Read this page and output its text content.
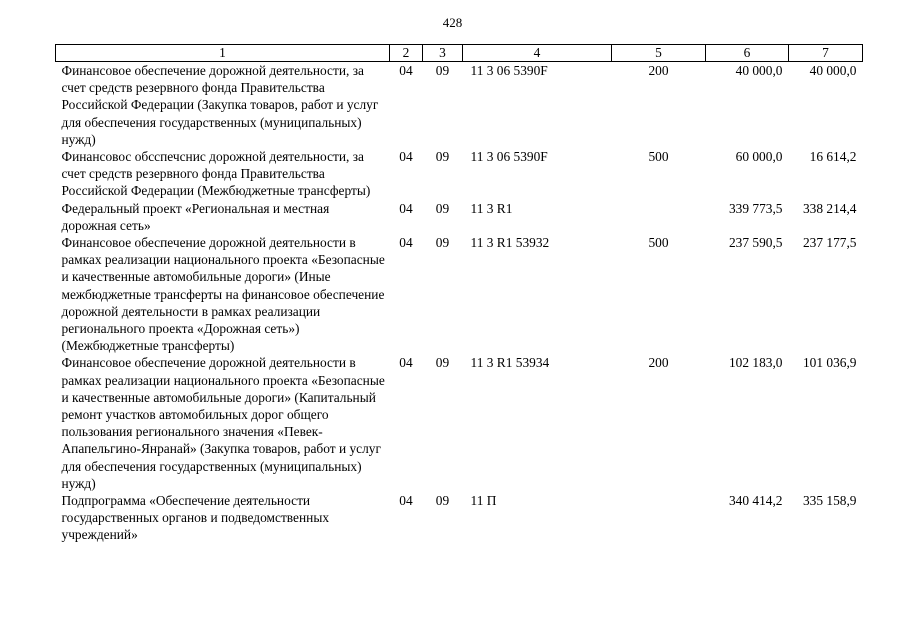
428
1	2	3	4	5	6	7
Финансовое обеспечение дорожной деятельности, за счет средств резервного фонда Правительства Российской Федерации (Закупка товаров, работ и услуг для обеспечения государственных (муниципальных) нужд)	04	09	11 3 06 5390F	200	40 000,0	40 000,0
Финансовос обсспечснис дорожной деятельности, за счет средств резервного фонда Правительства Российской Федерации (Межбюджетные трансферты)	04	09	11 3 06 5390F	500	60 000,0	16 614,2
Федеральный проект «Региональная и местная дорожная сеть»	04	09	11 3 R1		339 773,5	338 214,4
Финансовое обеспечение дорожной деятельности в рамках реализации национального проекта «Безопасные и качественные автомобильные дороги» (Иные межбюджетные трансферты на финансовое обеспечение дорожной деятельности в рамках реализации регионального проекта «Дорожная сеть») (Межбюджетные трансферты)	04	09	11 3 R1 53932	500	237 590,5	237 177,5
Финансовое обеспечение дорожной деятельности в рамках реализации национального проекта «Безопасные и качественные автомобильные дороги» (Капитальный ремонт участков автомобильных дорог общего пользования регионального значения «Певек-Апапельгино-Янранай» (Закупка товаров, работ и услуг для обеспечения государственных (муниципальных) нужд)	04	09	11 3 R1 53934	200	102 183,0	101 036,9
Подпрограмма «Обеспечение деятельности государственных органов и подведомственных учреждений»	04	09	11 П		340 414,2	335 158,9
